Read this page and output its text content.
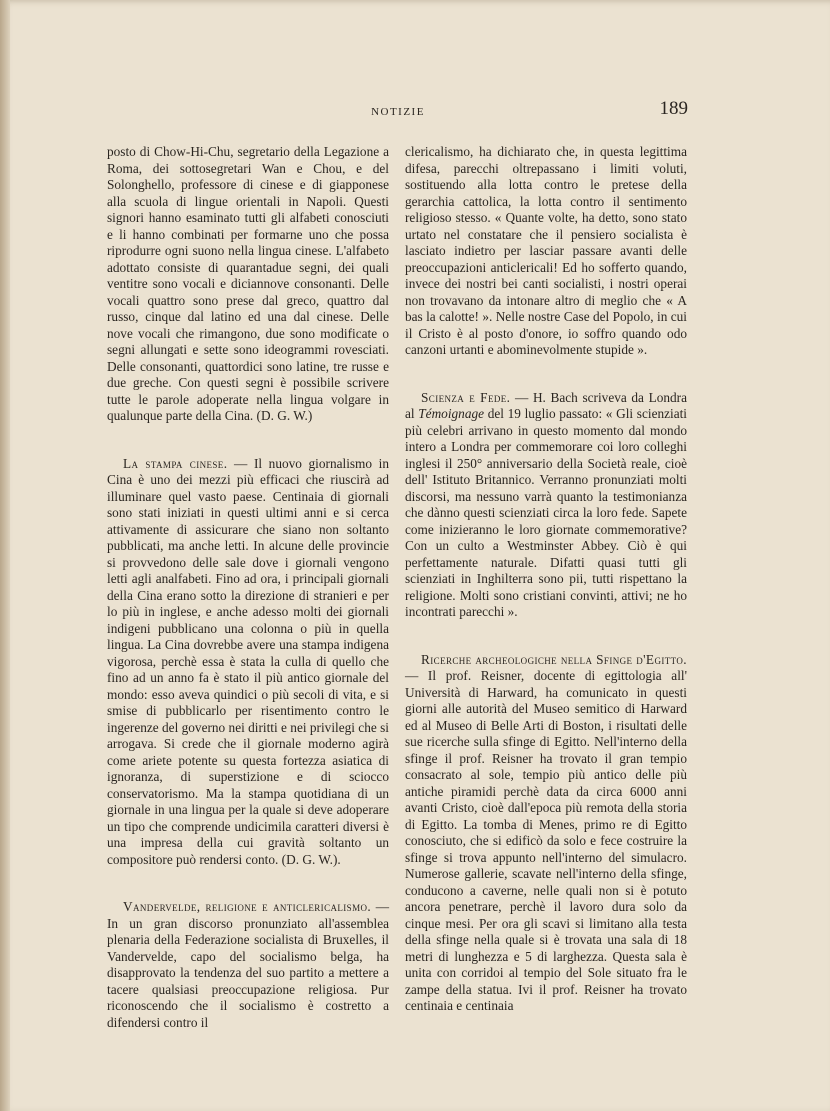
NOTIZIE	189

posto di Chow-Hi-Chu, segretario della Legazione a Roma, dei sottosegretari Wan e Chou, e del Solonghello, professore di cinese e di giapponese alla scuola di lingue orientali in Napoli. Questi signori hanno esaminato tutti gli alfabeti conosciuti e li hanno combinati per formarne uno che possa riprodurre ogni suono nella lingua cinese. L'alfabeto adottato consiste di quarantadue segni, dei quali ventitre sono vocali e diciannove consonanti. Delle vocali quattro sono prese dal greco, quattro dal russo, cinque dal latino ed una dal cinese. Delle nove vocali che rimangono, due sono modificate o segni allungati e sette sono ideogrammi rovesciati. Delle consonanti, quattordici sono latine, tre russe e due greche. Con questi segni è possibile scrivere tutte le parole adoperate nella lingua volgare in qualunque parte della Cina. (D. G. W.)

La stampa cinese. — Il nuovo giornalismo in Cina è uno dei mezzi più efficaci che riuscirà ad illuminare quel vasto paese. Centinaia di giornali sono stati iniziati in questi ultimi anni e si cerca attivamente di assicurare che siano non soltanto pubblicati, ma anche letti. In alcune delle provincie si provvedono delle sale dove i giornali vengono letti agli analfabeti. Fino ad ora, i principali giornali della Cina erano sotto la direzione di stranieri e per lo più in inglese, e anche adesso molti dei giornali indigeni pubblicano una colonna o più in quella lingua. La Cina dovrebbe avere una stampa indigena vigorosa, perchè essa è stata la culla di quello che fino ad un anno fa è stato il più antico giornale del mondo: esso aveva quindici o più secoli di vita, e si smise di pubblicarlo per risentimento contro le ingerenze del governo nei diritti e nei privilegi che si arrogava. Si crede che il giornale moderno agirà come ariete potente su questa fortezza asiatica di ignoranza, di superstizione e di sciocco conservatorismo. Ma la stampa quotidiana di un giornale in una lingua per la quale si deve adoperare un tipo che comprende undicimila caratteri diversi è una impresa della cui gravità soltanto un compositore può rendersi conto. (D. G. W.).

Vandervelde, religione e anticlericalismo. — In un gran discorso pronunziato all'assemblea plenaria della Federazione socialista di Bruxelles, il Vandervelde, capo del socialismo belga, ha disapprovato la tendenza del suo partito a mettere a tacere qualsiasi preoccupazione religiosa. Pur riconoscendo che il socialismo è costretto a difendersi contro il

clericalismo, ha dichiarato che, in questa legittima difesa, parecchi oltrepassano i limiti voluti, sostituendo alla lotta contro le pretese della gerarchia cattolica, la lotta contro il sentimento religioso stesso. « Quante volte, ha detto, sono stato urtato nel constatare che il pensiero socialista è lasciato indietro per lasciar passare avanti delle preoccupazioni anticlericali! Ed ho sofferto quando, invece dei nostri bei canti socialisti, i nostri operai non trovavano da intonare altro di meglio che « A bas la calotte! ». Nelle nostre Case del Popolo, in cui il Cristo è al posto d'onore, io soffro quando odo canzoni urtanti e abominevolmente stupide ».

Scienza e Fede. — H. Bach scriveva da Londra al Témoignage del 19 luglio passato: « Gli scienziati più celebri arrivano in questo momento dal mondo intero a Londra per commemorare coi loro colleghi inglesi il 250° anniversario della Società reale, cioè dell' Istituto Britannico. Verranno pronunziati molti discorsi, ma nessuno varrà quanto la testimonianza che dànno questi scienziati circa la loro fede. Sapete come inizieranno le loro giornate commemorative? Con un culto a Westminster Abbey. Ciò è qui perfettamente naturale. Difatti quasi tutti gli scienziati in Inghilterra sono pii, tutti rispettano la religione. Molti sono cristiani convinti, attivi; ne ho incontrati parecchi ».

Ricerche archeologiche nella Sfinge d'Egitto. — Il prof. Reisner, docente di egittologia all' Università di Harward, ha comunicato in questi giorni alle autorità del Museo semitico di Harward ed al Museo di Belle Arti di Boston, i risultati delle sue ricerche sulla sfinge di Egitto. Nell'interno della sfinge il prof. Reisner ha trovato il gran tempio consacrato al sole, tempio più antico delle più antiche piramidi perchè data da circa 6000 anni avanti Cristo, cioè dall'epoca più remota della storia di Egitto. La tomba di Menes, primo re di Egitto conosciuto, che si edificò da solo e fece costruire la sfinge si trova appunto nell'interno del simulacro. Numerose gallerie, scavate nell'interno della sfinge, conducono a caverne, nelle quali non si è potuto ancora penetrare, perchè il lavoro dura solo da cinque mesi. Per ora gli scavi si limitano alla testa della sfinge nella quale si è trovata una sala di 18 metri di lunghezza e 5 di larghezza. Questa sala è unita con corridoi al tempio del Sole situato fra le zampe della statua. Ivi il prof. Reisner ha trovato centinaia e centinaia
